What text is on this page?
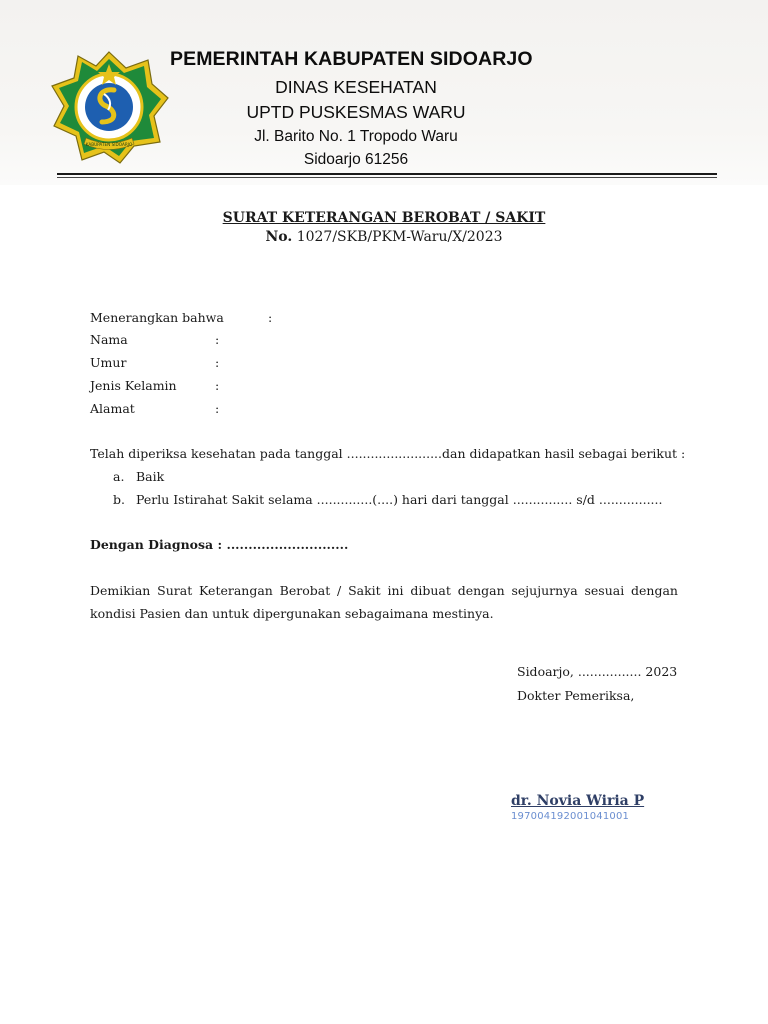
KABUPATEN SIDOARJO
PEMERINTAH KABUPATEN SIDOARJO
DINAS KESEHATAN
UPTD PUSKESMAS WARU
Jl. Barito No. 1 Tropodo Waru
Sidoarjo 61256
SURAT KETERANGAN BEROBAT / SAKIT
No. 1027/SKB/PKM-Waru/X/2023
Menerangkan bahwa	:
Nama	:
Umur	:
Jenis Kelamin	:
Alamat	:
Telah diperiksa kesehatan pada tanggal ........................dan didapatkan hasil sebagai berikut :
a. Baik
b. Perlu Istirahat Sakit selama ..............(....) hari dari tanggal ............... s/d ................
Dengan Diagnosa : ............................
Demikian Surat Keterangan Berobat / Sakit ini dibuat dengan sejujurnya sesuai dengan kondisi Pasien dan untuk dipergunakan sebagaimana mestinya.
Sidoarjo, ................ 2023
Dokter Pemeriksa,
dr. Novia Wiria P
197004192001041001
